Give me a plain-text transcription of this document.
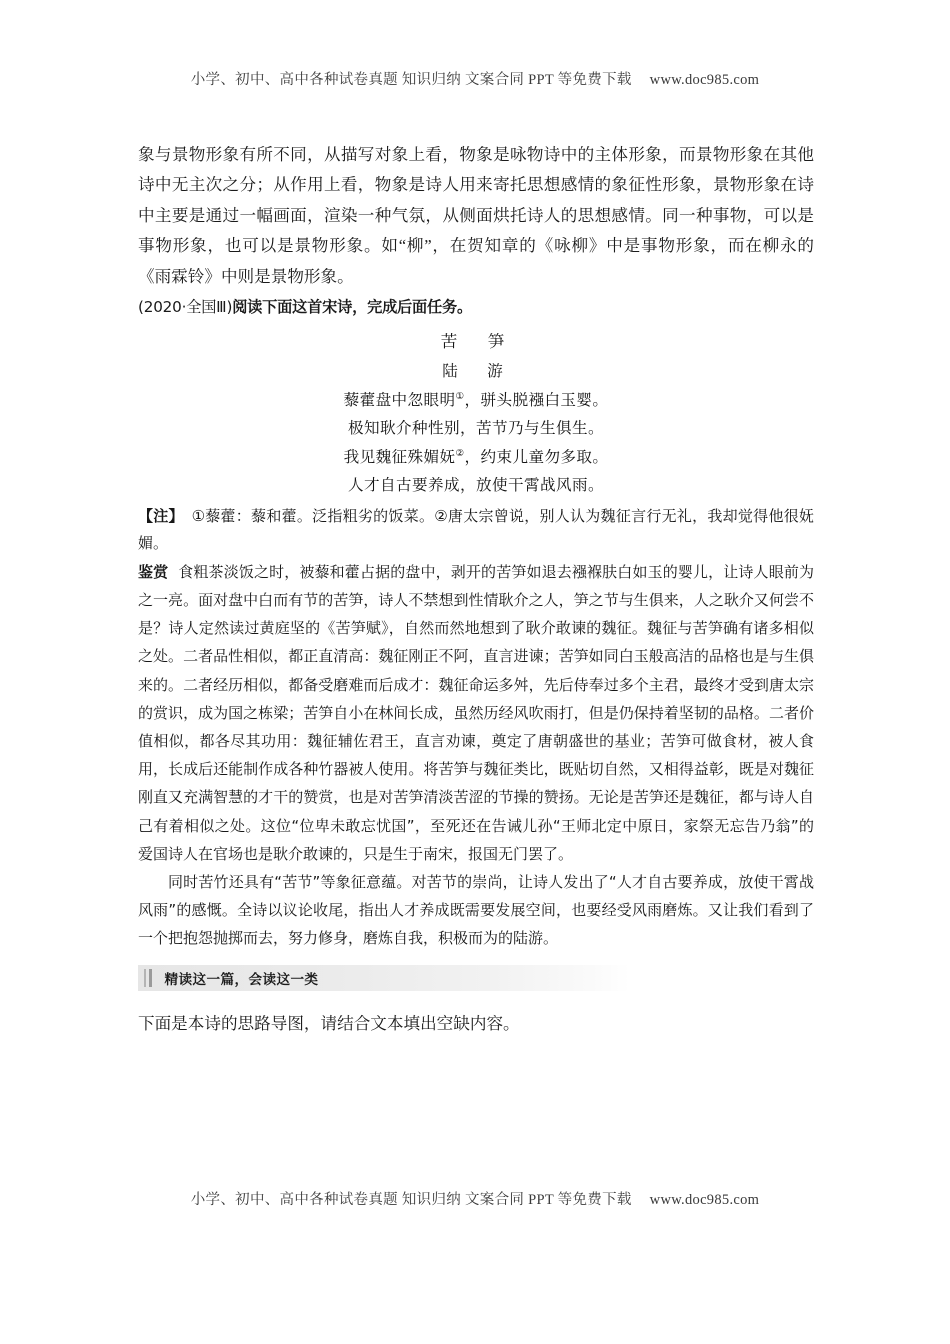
小学、初中、高中各种试卷真题 知识归纳 文案合同 PPT 等免费下载 www.doc985.com

象与景物形象有所不同，从描写对象上看，物象是咏物诗中的主体形象，而景物形象在其他诗中无主次之分；从作用上看，物象是诗人用来寄托思想感情的象征性形象，景物形象在诗中主要是通过一幅画面，渲染一种气氛，从侧面烘托诗人的思想感情。同一种事物，可以是事物形象，也可以是景物形象。如“柳”，在贺知章的《咏柳》中是事物形象，而在柳永的《雨霖铃》中则是景物形象。

(2020·全国Ⅲ)阅读下面这首宋诗，完成后面任务。

苦　笋
陆　游
藜藿盘中忽眼明①，骈头脱襁白玉婴。
极知耿介种性别，苦节乃与生俱生。
我见魏征殊媚妩②，约束儿童勿多取。
人才自古要养成，放使干霄战风雨。

【注】　 ①藜藿：藜和藿。泛指粗劣的饭菜。②唐太宗曾说，别人认为魏征言行无礼，我却觉得他很妩媚。

鉴赏 食粗茶淡饭之时，被藜和藿占据的盘中，剥开的苦笋如退去襁褓肤白如玉的婴儿，让诗人眼前为之一亮。面对盘中白而有节的苦笋，诗人不禁想到性情耿介之人，笋之节与生俱来，人之耿介又何尝不是？诗人定然读过黄庭坚的《苦笋赋》，自然而然地想到了耿介敢谏的魏征。魏征与苦笋确有诸多相似之处。二者品性相似，都正直清高：魏征刚正不阿，直言进谏；苦笋如同白玉般高洁的品格也是与生俱来的。二者经历相似，都备受磨难而后成才：魏征命运多舛，先后侍奉过多个主君，最终才受到唐太宗的赏识，成为国之栋梁；苦笋自小在林间长成，虽然历经风吹雨打，但是仍保持着坚韧的品格。二者价值相似，都各尽其功用：魏征辅佐君王，直言劝谏，奠定了唐朝盛世的基业；苦笋可做食材，被人食用，长成后还能制作成各种竹器被人使用。将苦笋与魏征类比，既贴切自然，又相得益彰，既是对魏征刚直又充满智慧的才干的赞赏，也是对苦笋清淡苦涩的节操的赞扬。无论是苦笋还是魏征，都与诗人自己有着相似之处。这位“位卑未敢忘忧国”，至死还在告诫儿孙“王师北定中原日，家祭无忘告乃翁”的爱国诗人在官场也是耿介敢谏的，只是生于南宋，报国无门罢了。

同时苦竹还具有“苦节”等象征意蕴。对苦节的崇尚，让诗人发出了“人才自古要养成，放使干霄战风雨”的感慨。全诗以议论收尾，指出人才养成既需要发展空间，也要经受风雨磨炼。又让我们看到了一个把抱怨抛掷而去，努力修身，磨炼自我，积极而为的陆游。

精读这一篇，会读这一类

下面是本诗的思路导图，请结合文本填出空缺内容。

小学、初中、高中各种试卷真题 知识归纳 文案合同 PPT 等免费下载 www.doc985.com
